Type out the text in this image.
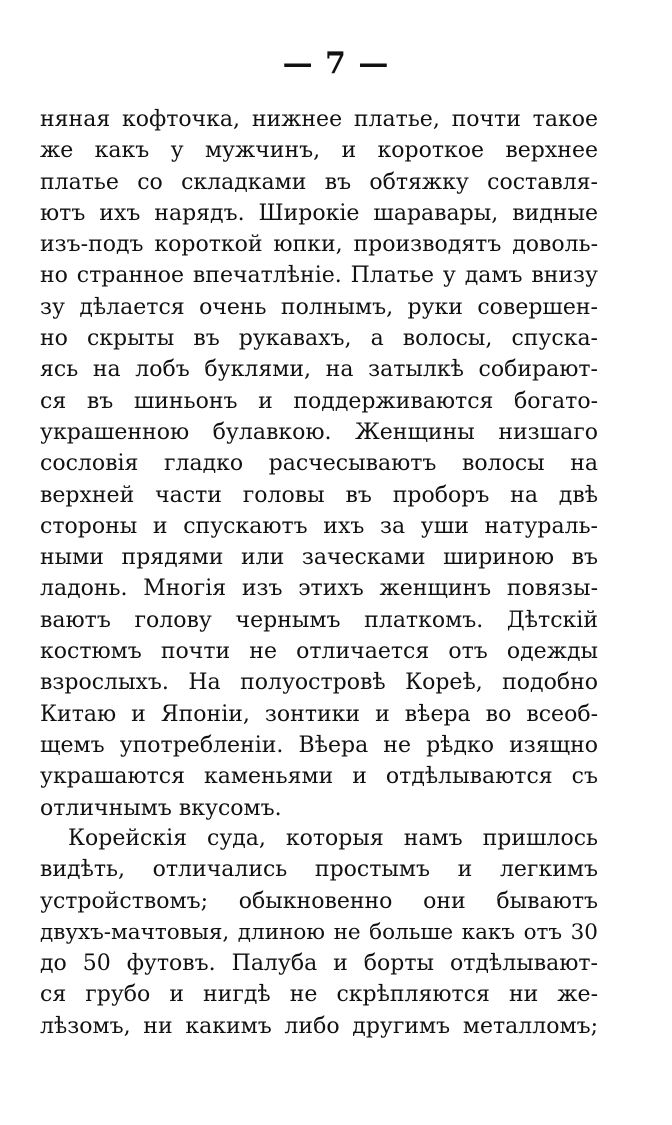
— 7 —
няная кофточка, нижнее платье, почти такое
же какъ у мужчинъ, и короткое верхнее
платье со складками въ обтяжку составля-
ютъ ихъ нарядъ. Широкіе шаравары, видные
изъ-подъ короткой юпки, производятъ доволь-
но странное впечатлѣніе. Платье у дамъ внизу
зу дѣлается очень полнымъ, руки совершен-
но скрыты въ рукавахъ, а волосы, спуска-
ясь на лобъ буклями, на затылкѣ собирают-
ся въ шиньонъ и поддерживаются богато-
украшенною булавкою. Женщины низшаго
сословія гладко расчесываютъ волосы на
верхней части головы въ проборъ на двѣ
стороны и спускаютъ ихъ за уши натураль-
ными прядями или заческами шириною въ
ладонь. Многія изъ этихъ женщинъ повязы-
ваютъ голову чернымъ платкомъ. Дѣтскій
костюмъ почти не отличается отъ одежды
взрослыхъ. На полуостровѣ Кореѣ, подобно
Китаю и Японіи, зонтики и вѣера во всеоб-
щемъ употребленіи. Вѣера не рѣдко изящно
украшаются каменьями и отдѣлываются съ
отличнымъ вкусомъ.
Корейскія суда, которыя намъ пришлось
видѣть, отличались простымъ и легкимъ
устройствомъ; обыкновенно они бываютъ
двухъ-мачтовыя, длиною не больше какъ отъ 30
до 50 футовъ. Палуба и борты отдѣлывают-
ся грубо и нигдѣ не скрѣпляются ни же-
лѣзомъ, ни какимъ либо другимъ металломъ;
